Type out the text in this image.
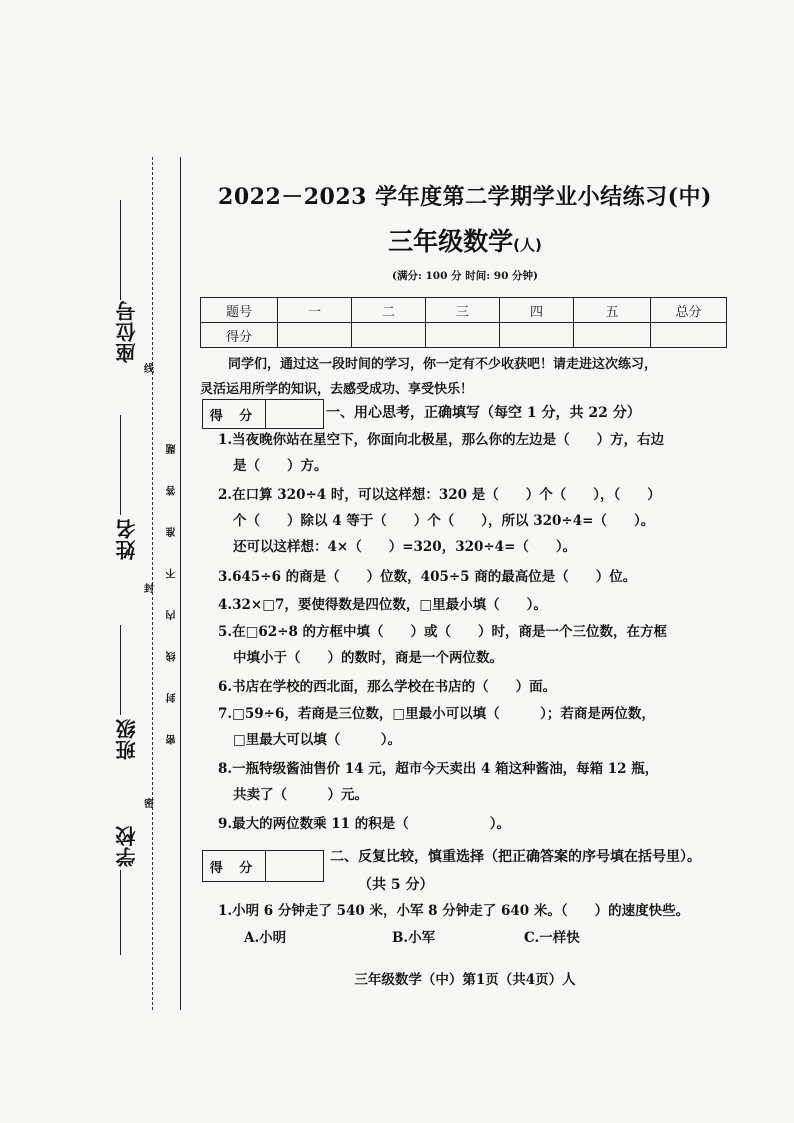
座位号
姓名
班级
学校
线
封
密
密 封 线 内 不 准 答 题
2022－2023 学年度第二学期学业小结练习(中)
三年级数学(人)
(满分: 100 分 时间: 90 分钟)
题号	一	二	三	四	五	总分
得分						

同学们，通过这一段时间的学习，你一定有不少收获吧！请走进这次练习，

灵活运用所学的知识，去感受成功、享受快乐！

得 分	一、用心思考，正确填写（每空 1 分，共 22 分）

1.当夜晚你站在星空下，你面向北极星，那么你的左边是（　　）方，右边

是（　　）方。

2.在口算 320÷4 时，可以这样想：320 是（　　）个（　　），（　　）

个（　　）除以 4 等于（　　）个（　　），所以 320÷4=（　　）。

还可以这样想：4×（　　）=320，320÷4=（　　）。

3.645÷6 的商是（　　）位数，405÷5 商的最高位是（　　）位。

4.32×□7，要使得数是四位数，□里最小填（　　）。

5.在□62÷8 的方框中填（　　）或（　　）时，商是一个三位数，在方框

中填小于（　　）的数时，商是一个两位数。

6.书店在学校的西北面，那么学校在书店的（　　）面。

7.□59÷6，若商是三位数，□里最小可以填（　　　）；若商是两位数，

□里最大可以填（　　　）。

8.一瓶特级酱油售价 14 元，超市今天卖出 4 箱这种酱油，每箱 12 瓶，

共卖了（　　　）元。

9.最大的两位数乘 11 的积是（　　　　　　）。

得 分
二、反复比较，慎重选择（把正确答案的序号填在括号里）。
（共 5 分）

1.小明 6 分钟走了 540 米，小军 8 分钟走了 640 米。（　　）的速度快些。

A.小明	B.小军	C.一样快
三年级数学（中）第1页（共4页）人
